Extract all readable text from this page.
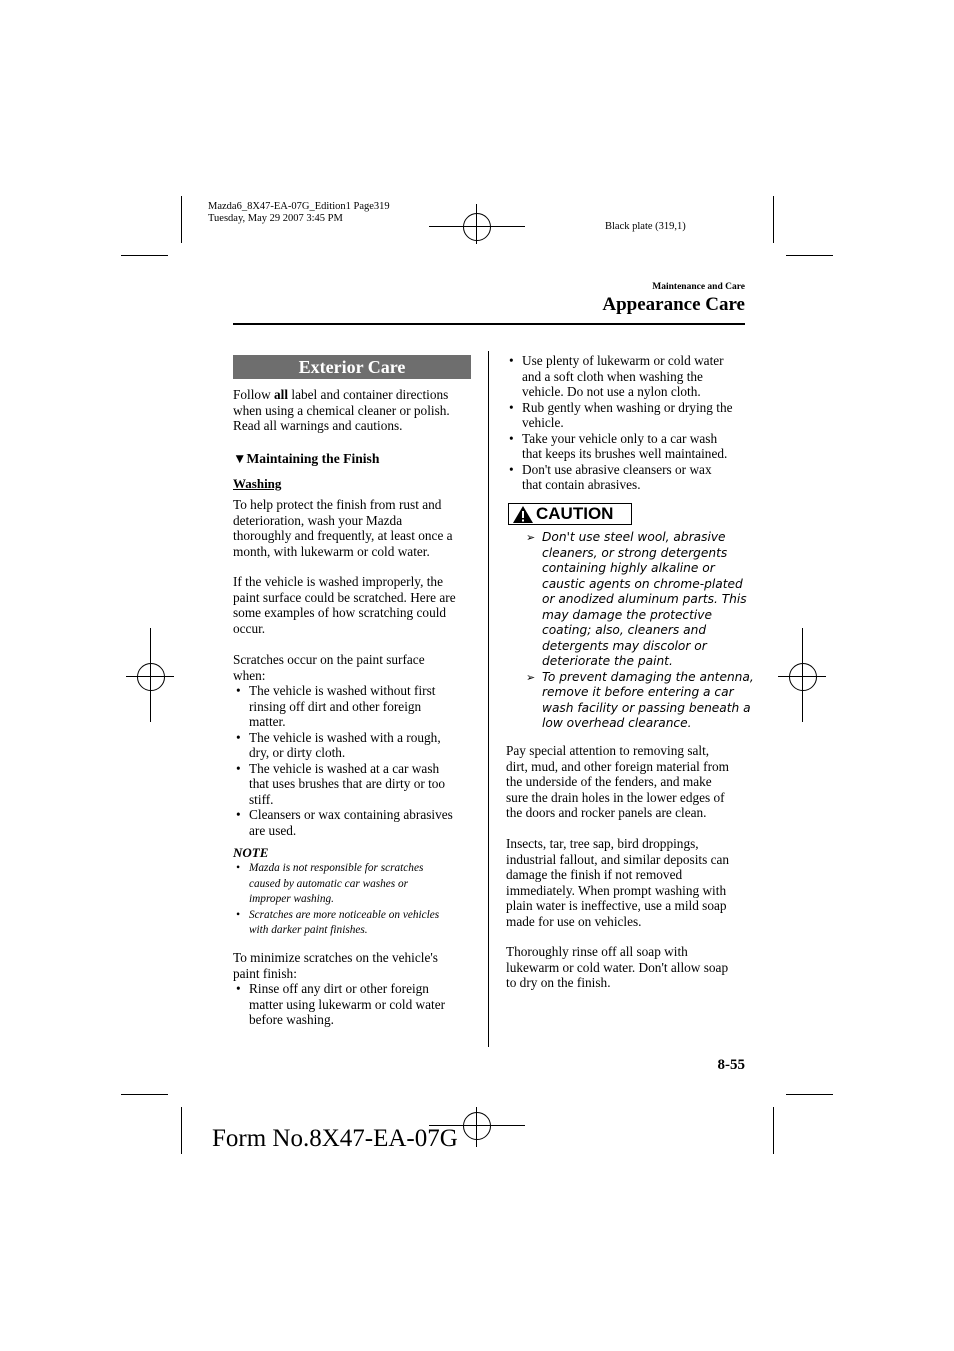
Mazda6_8X47-EA-07G_Edition1 Page319
Tuesday, May 29 2007 3:45 PM
Black plate (319,1)
Maintenance and Care
Appearance Care
Exterior Care
Follow all label and container directions
when using a chemical cleaner or polish.
Read all warnings and cautions.
▼Maintaining the Finish
Washing
To help protect the finish from rust and
deterioration, wash your Mazda
thoroughly and frequently, at least once a
month, with lukewarm or cold water.
If the vehicle is washed improperly, the
paint surface could be scratched. Here are
some examples of how scratching could
occur.
Scratches occur on the paint surface
when:
• The vehicle is washed without first
rinsing off dirt and other foreign
matter.
• The vehicle is washed with a rough,
dry, or dirty cloth.
• The vehicle is washed at a car wash
that uses brushes that are dirty or too
stiff.
• Cleansers or wax containing abrasives
are used.
NOTE
• Mazda is not responsible for scratches
caused by automatic car washes or
improper washing.
• Scratches are more noticeable on vehicles
with darker paint finishes.
To minimize scratches on the vehicle's
paint finish:
• Rinse off any dirt or other foreign
matter using lukewarm or cold water
before washing.
• Use plenty of lukewarm or cold water
and a soft cloth when washing the
vehicle. Do not use a nylon cloth.
• Rub gently when washing or drying the
vehicle.
• Take your vehicle only to a car wash
that keeps its brushes well maintained.
• Don't use abrasive cleansers or wax
that contain abrasives.
CAUTION
➢ Don't use steel wool, abrasive
cleaners, or strong detergents
containing highly alkaline or
caustic agents on chrome-plated
or anodized aluminum parts. This
may damage the protective
coating; also, cleaners and
detergents may discolor or
deteriorate the paint.
➢ To prevent damaging the antenna,
remove it before entering a car
wash facility or passing beneath a
low overhead clearance.
Pay special attention to removing salt,
dirt, mud, and other foreign material from
the underside of the fenders, and make
sure the drain holes in the lower edges of
the doors and rocker panels are clean.
Insects, tar, tree sap, bird droppings,
industrial fallout, and similar deposits can
damage the finish if not removed
immediately. When prompt washing with
plain water is ineffective, use a mild soap
made for use on vehicles.
Thoroughly rinse off all soap with
lukewarm or cold water. Don't allow soap
to dry on the finish.
8-55
Form No.8X47-EA-07G
